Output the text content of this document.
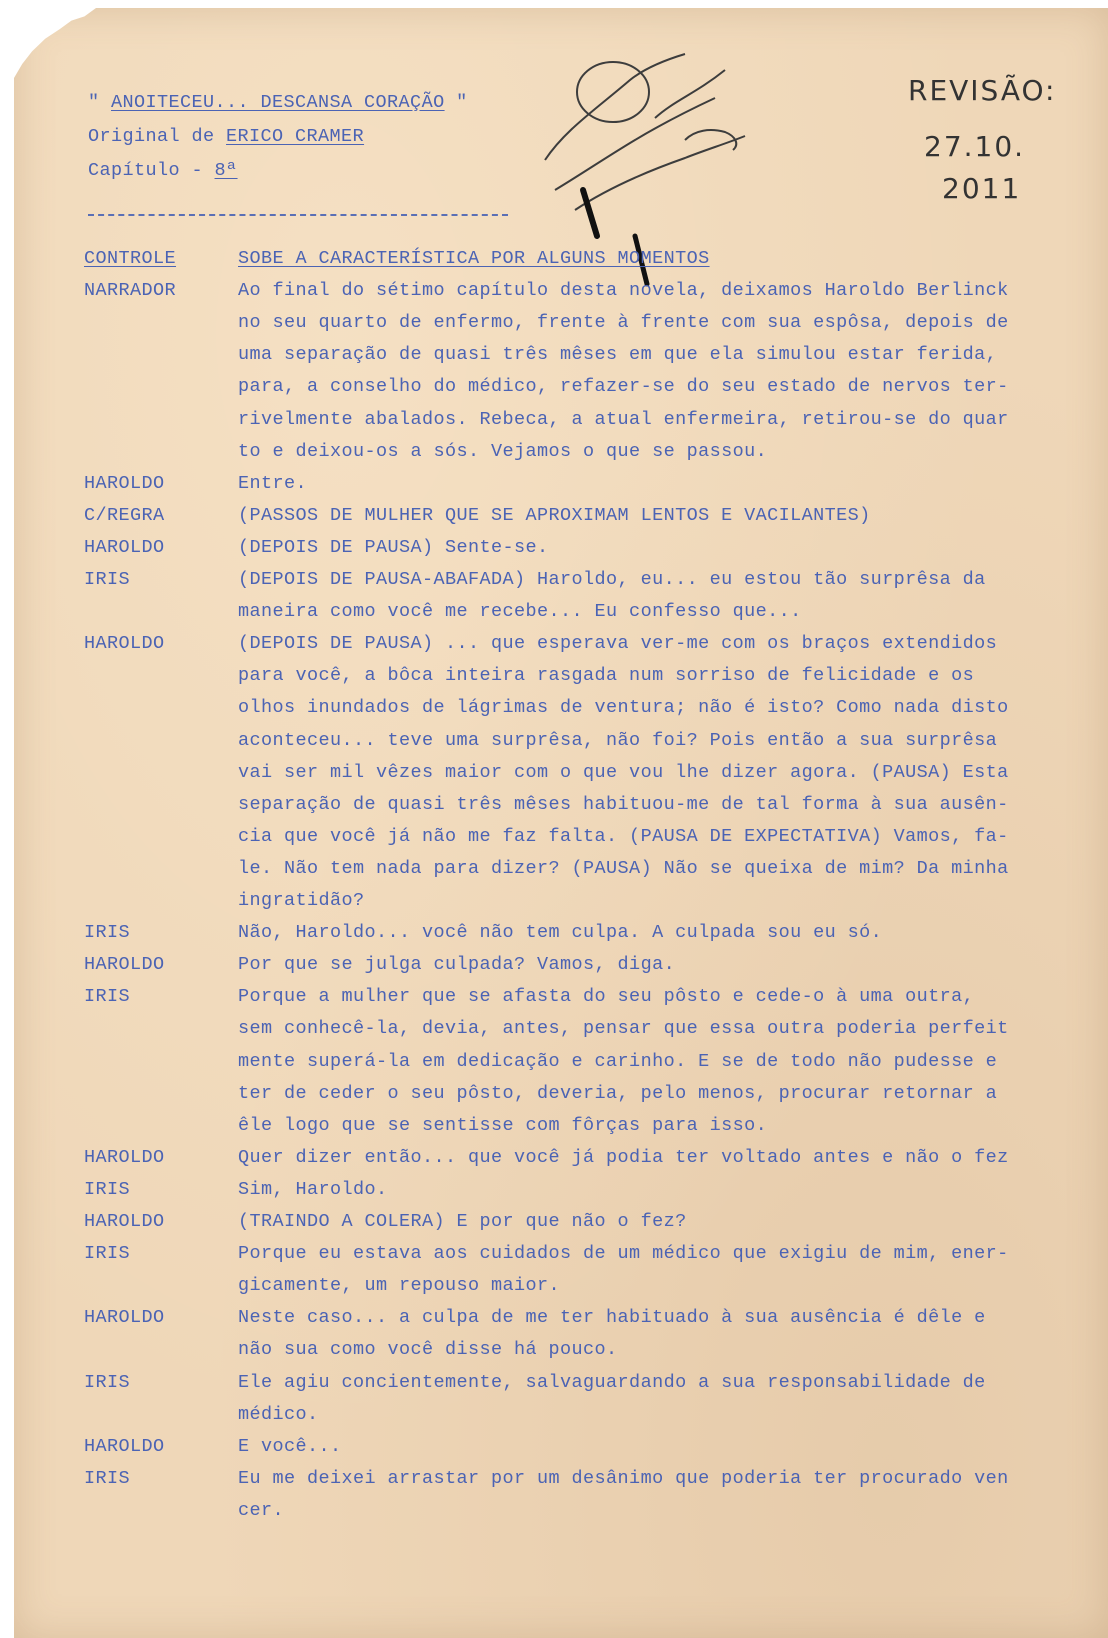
" ANOITECEU... DESCANSA CORAÇÃO "
Original de ERICO CRAMER
Capítulo - 8ª
REVISÃO:
27.10.
2011
CONTROLE	SOBE A CARACTERÍSTICA POR ALGUNS MOMENTOS
NARRADOR	Ao final do sétimo capítulo desta novela, deixamos Haroldo Berlinck
no seu quarto de enfermo, frente à frente com sua espôsa, depois de
uma separação de quasi três mêses em que ela simulou estar ferida,
para, a conselho do médico, refazer-se do seu estado de nervos ter-
rivelmente abalados. Rebeca, a atual enfermeira, retirou-se do quar
to e deixou-os a sós. Vejamos o que se passou.
HAROLDO	Entre.
C/REGRA	(PASSOS DE MULHER QUE SE APROXIMAM LENTOS E VACILANTES)
HAROLDO	(DEPOIS DE PAUSA) Sente-se.
IRIS	(DEPOIS DE PAUSA-ABAFADA) Haroldo, eu... eu estou tão surprêsa da
maneira como você me recebe... Eu confesso que...
HAROLDO	(DEPOIS DE PAUSA) ... que esperava ver-me com os braços extendidos
para você, a bôca inteira rasgada num sorriso de felicidade e os
olhos inundados de lágrimas de ventura; não é isto? Como nada disto
aconteceu... teve uma surprêsa, não foi? Pois então a sua surprêsa
vai ser mil vêzes maior com o que vou lhe dizer agora. (PAUSA) Esta
separação de quasi três mêses habituou-me de tal forma à sua ausên-
cia que você já não me faz falta. (PAUSA DE EXPECTATIVA) Vamos, fa-
le. Não tem nada para dizer? (PAUSA) Não se queixa de mim? Da minha
ingratidão?
IRIS	Não, Haroldo... você não tem culpa. A culpada sou eu só.
HAROLDO	Por que se julga culpada? Vamos, diga.
IRIS	Porque a mulher que se afasta do seu pôsto e cede-o à uma outra,
sem conhecê-la, devia, antes, pensar que essa outra poderia perfeit
mente superá-la em dedicação e carinho. E se de todo não pudesse e
ter de ceder o seu pôsto, deveria, pelo menos, procurar retornar a
êle logo que se sentisse com fôrças para isso.
HAROLDO	Quer dizer então... que você já podia ter voltado antes e não o fez
IRIS	Sim, Haroldo.
HAROLDO	(TRAINDO A COLERA) E por que não o fez?
IRIS	Porque eu estava aos cuidados de um médico que exigiu de mim, ener-
gicamente, um repouso maior.
HAROLDO	Neste caso... a culpa de me ter habituado à sua ausência é dêle e
não sua como você disse há pouco.
IRIS	Ele agiu concientemente, salvaguardando a sua responsabilidade de
médico.
HAROLDO	E você...
IRIS	Eu me deixei arrastar por um desânimo que poderia ter procurado ven
cer.
